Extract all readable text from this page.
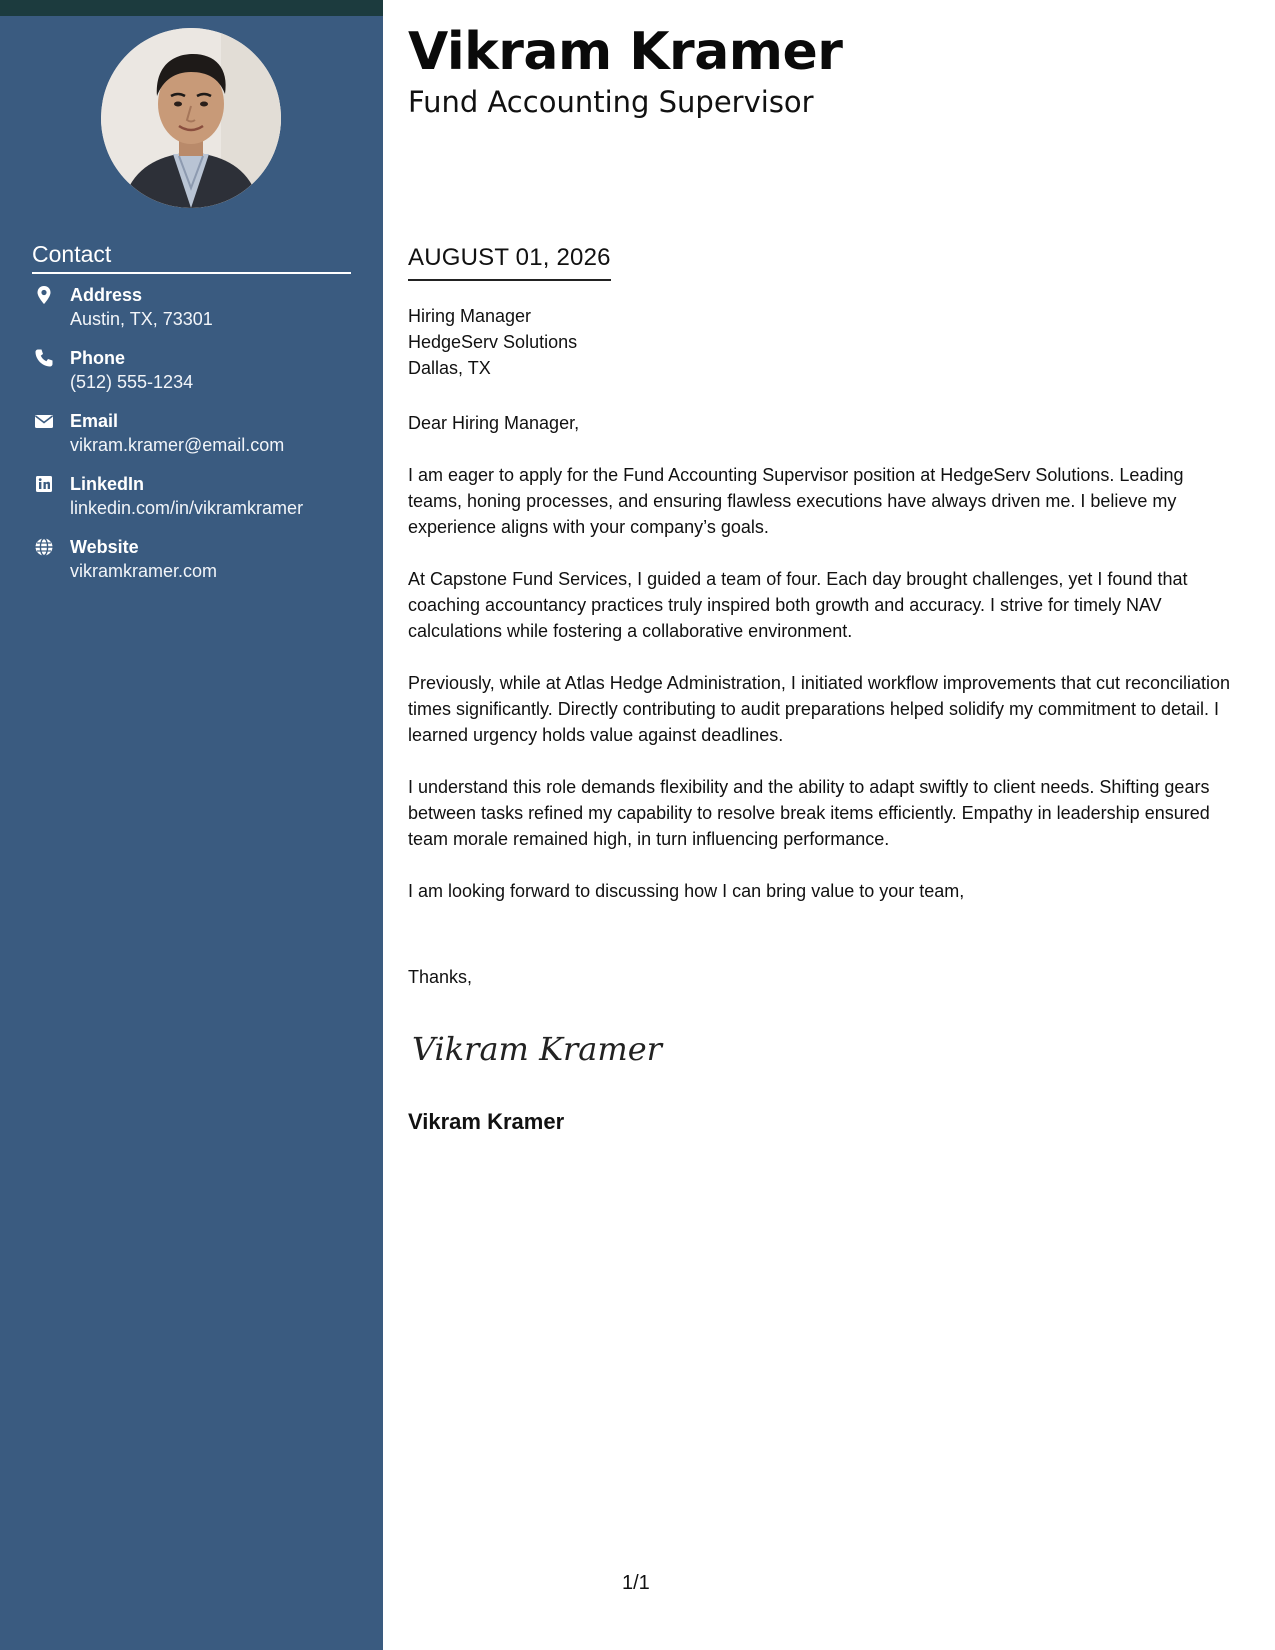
Contact
Address
Austin, TX, 73301
Phone
(512) 555-1234
Email
vikram.kramer@email.com
LinkedIn
linkedin.com/in/vikramkramer
Website
vikramkramer.com
Vikram Kramer
Fund Accounting Supervisor
AUGUST 01, 2026
Hiring Manager
HedgeServ Solutions
Dallas, TX

Dear Hiring Manager,

I am eager to apply for the Fund Accounting Supervisor position at HedgeServ Solutions. Leading teams, honing processes, and ensuring flawless executions have always driven me. I believe my experience aligns with your company’s goals.

At Capstone Fund Services, I guided a team of four. Each day brought challenges, yet I found that coaching accountancy practices truly inspired both growth and accuracy. I strive for timely NAV calculations while fostering a collaborative environment.

Previously, while at Atlas Hedge Administration, I initiated workflow improvements that cut reconciliation times significantly. Directly contributing to audit preparations helped solidify my commitment to detail. I learned urgency holds value against deadlines.

I understand this role demands flexibility and the ability to adapt swiftly to client needs. Shifting gears between tasks refined my capability to resolve break items efficiently. Empathy in leadership ensured team morale remained high, in turn influencing performance.

I am looking forward to discussing how I can bring value to your team,

Thanks,
Vikram Kramer
Vikram Kramer
1/1
